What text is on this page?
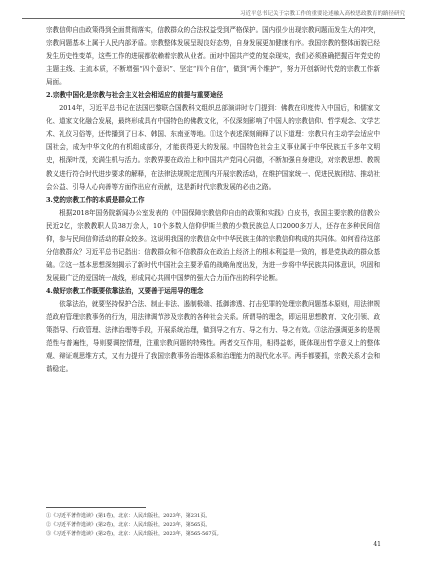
习近平总书记关于宗教工作的重要论述融入高校思政教育的路径研究

宗教信仰自由政策得到全面贯彻落实，信教群众的合法权益受到严格保护。国内很少出现宗教问题而发生大的冲突，宗教问题基本上属于人民内部矛盾。宗教整体发展呈现良好态势，自身发展更加健康有序。我国宗教的整体面貌已经发生历史性变革，这些工作的进展都依赖着宗教从业者。面对中国共产党的复杂现实，我们必须准确把握百年党史的主题主线、主流本质，不断增强“四个意识”、坚定“四个自信”，做到“两个维护”，努力开创新时代党的宗教工作新局面。

2.宗教中国化是宗教与社会主义社会相适应的前提与重要途径

2014年，习近平总书记在法国巴黎联合国教科文组织总部演讲时专门提到：佛教在印度传入中国后，和儒家文化、道家文化融合发展，最终形成具有中国特色的佛教文化，不仅深刻影响了中国人的宗教信仰、哲学观念、文学艺术、礼仪习俗等，还传播到了日本、韩国、东南亚等地。①这个表述深刻阐释了以下道理：宗教只有主动学会适应中国社会，成为中华文化的有机组成部分，才能获得更大的发展。中国特色社会主义事业属于中华民族五千多年文明史，根深叶茂，充满生机与活力。宗教界要在政治上和中国共产党同心同德，不断加强自身建设，对宗教思想、教规教义进行符合时代进步要求的解释，在法律法规规定范围内开展宗教活动，在维护国家统一、促进民族团结、推动社会公益、引导人心向善等方面作出应有贡献，这是新时代宗教发展的必由之路。

3.党的宗教工作的本质是群众工作

根据2018年国务院新闻办公室发表的《中国保障宗教信仰自由的政策和实践》白皮书，我国主要宗教的信教公民近2亿，宗教教职人员38万余人，10个多数人信仰伊斯兰教的少数民族总人口2000多万人，还存在多种民间信仰，参与民间信仰活动的群众较多。这说明我国的宗教信众中中华民族主体的宗教信仰构成的共同体。如何看待这部分信教群众？习近平总书记指出：信教群众和不信教群众在政治上经济上的根本利益是一致的，都是党执政的群众基础。②这一基本思想深刻揭示了新时代中国社会主要矛盾的战略角度出发，为进一步将中华民族共同体意识，巩固和发展最广泛的爱国统一战线，形成同心共圆中国梦的强大合力而作出的科学论断。

4.做好宗教工作既要依靠法治，又要善于运用导的理念

依靠法治，就要坚持保护合法、制止非法、遏制极端、抵御渗透、打击犯罪的处理宗教问题基本原则，用法律规范政府管理宗教事务的行为，用法律调节涉及宗教的各种社会关系。所谓导的理念，即运用思想教育、文化引领、政策指导、行政管理、法律治理等手段，开展系统治理，做到导之有方、导之有力、导之有效。③法治强调更多的是规范性与普遍性，导则要调控情理，注重宗教问题的特殊性。两者交互作用，相得益彰，既体现出哲学意义上的整体观、辩证观思维方式，又有力提升了我国宗教事务治理体系和治理能力的现代化水平。两手都要抓，宗教关系才会和谐稳定。

①《习近平著作选读》(第1卷)，北京：人民出版社，2023年，第231页。

②《习近平著作选读》(第2卷)，北京：人民出版社，2023年，第565页。

③《习近平著作选读》(第2卷)，北京：人民出版社，2023年，第565-567页。

41
